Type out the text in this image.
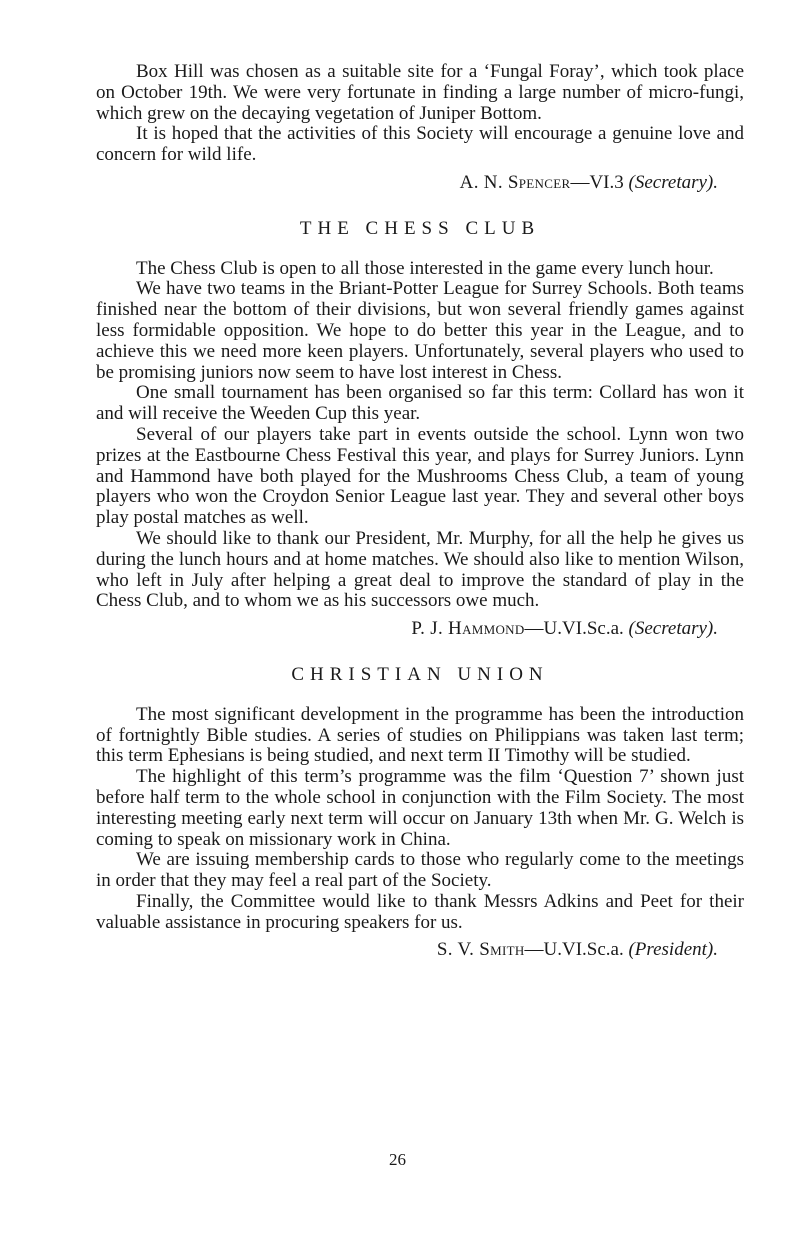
Box Hill was chosen as a suitable site for a ‘Fungal Foray’, which took place on October 19th. We were very fortunate in finding a large number of micro-fungi, which grew on the decaying vegetation of Juniper Bottom.

It is hoped that the activities of this Society will encourage a genuine love and concern for wild life.

A. N. Spencer—VI.3 (Secretary).

THE CHESS CLUB

The Chess Club is open to all those interested in the game every lunch hour.

We have two teams in the Briant-Potter League for Surrey Schools. Both teams finished near the bottom of their divisions, but won several friendly games against less formidable opposition. We hope to do better this year in the League, and to achieve this we need more keen players. Unfortunately, several players who used to be promising juniors now seem to have lost interest in Chess.

One small tournament has been organised so far this term: Collard has won it and will receive the Weeden Cup this year.

Several of our players take part in events outside the school. Lynn won two prizes at the Eastbourne Chess Festival this year, and plays for Surrey Juniors. Lynn and Hammond have both played for the Mushrooms Chess Club, a team of young players who won the Croydon Senior League last year. They and several other boys play postal matches as well.

We should like to thank our President, Mr. Murphy, for all the help he gives us during the lunch hours and at home matches. We should also like to mention Wilson, who left in July after helping a great deal to improve the standard of play in the Chess Club, and to whom we as his successors owe much.

P. J. Hammond—U.VI.Sc.a. (Secretary).

CHRISTIAN UNION

The most significant development in the programme has been the introduction of fortnightly Bible studies. A series of studies on Philippians was taken last term; this term Ephesians is being studied, and next term II Timothy will be studied.

The highlight of this term’s programme was the film ‘Question 7’ shown just before half term to the whole school in conjunction with the Film Society. The most interesting meeting early next term will occur on January 13th when Mr. G. Welch is coming to speak on missionary work in China.

We are issuing membership cards to those who regularly come to the meetings in order that they may feel a real part of the Society.

Finally, the Committee would like to thank Messrs Adkins and Peet for their valuable assistance in procuring speakers for us.

S. V. Smith—U.VI.Sc.a. (President).

26
